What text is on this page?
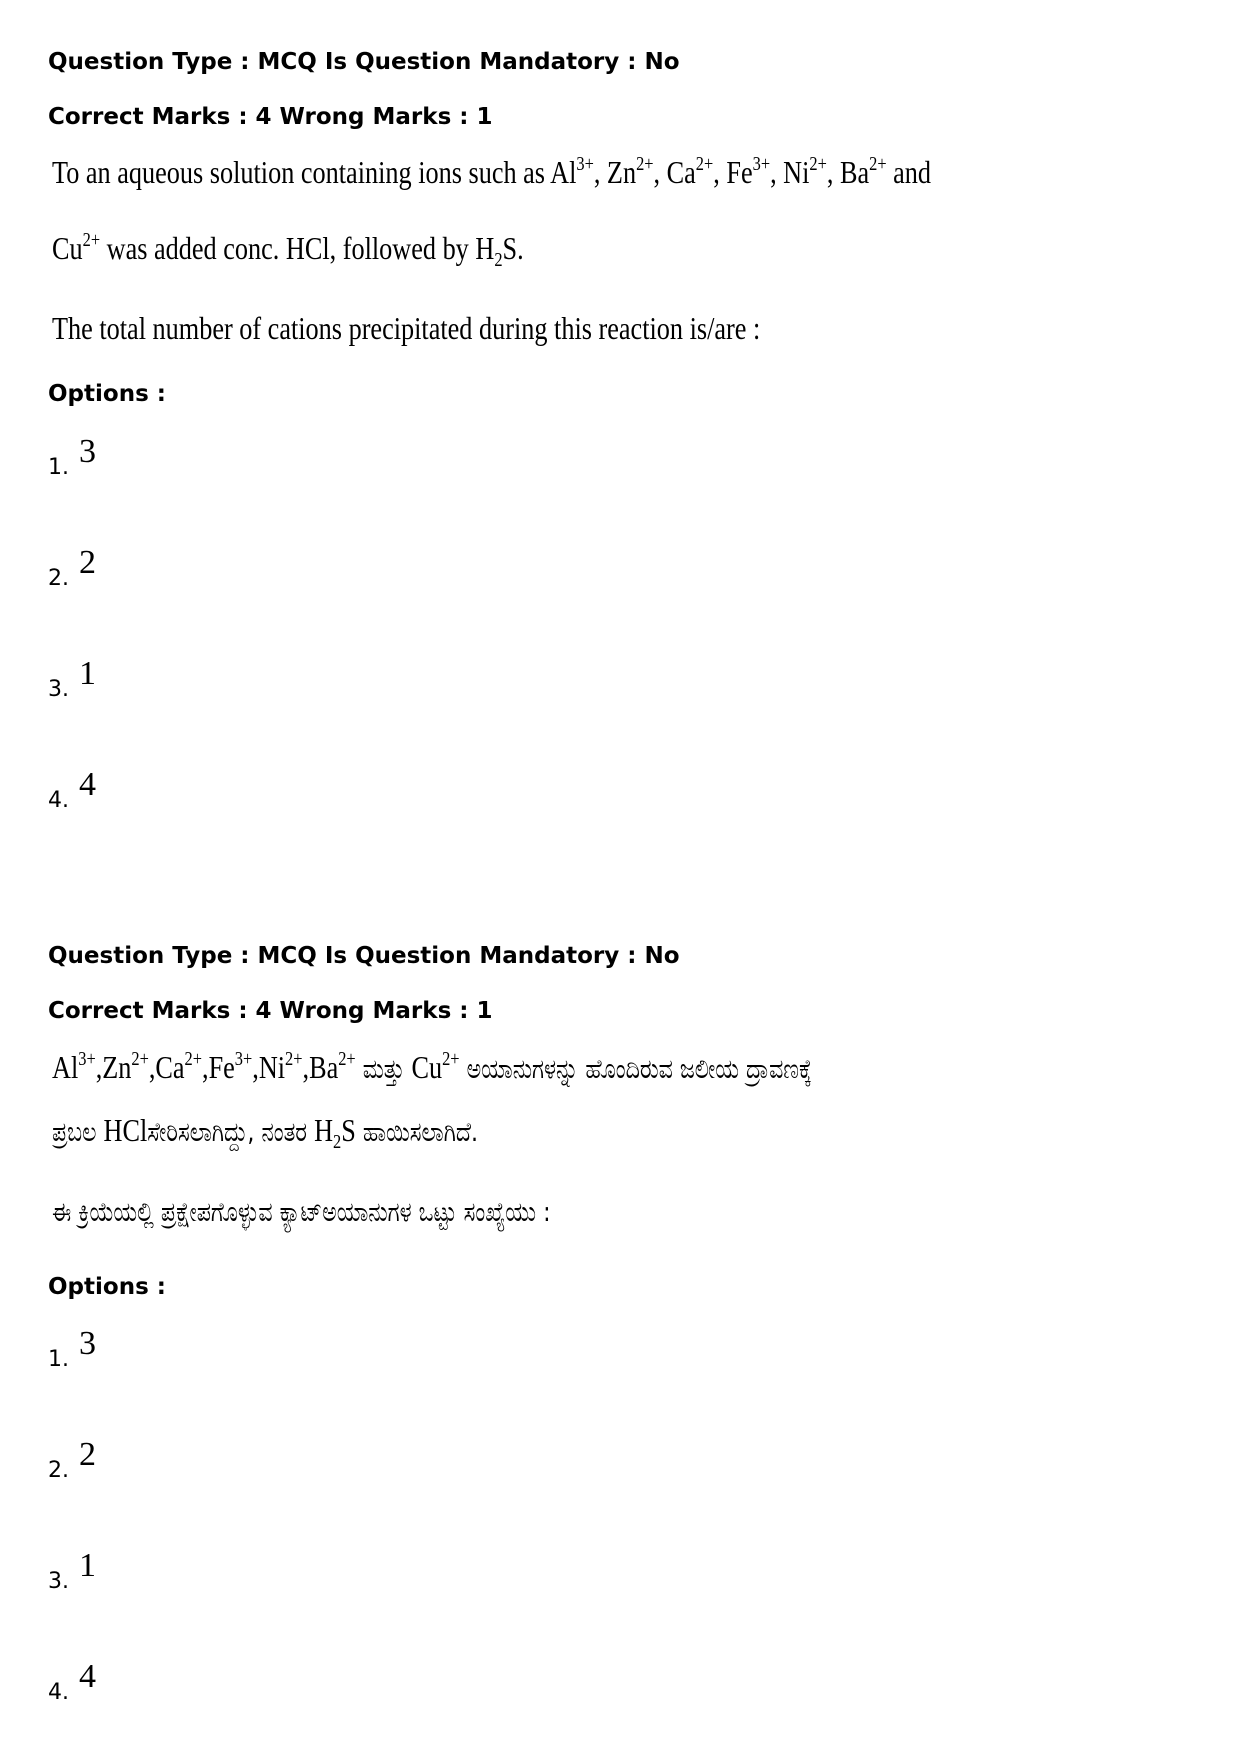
Question Type : MCQ Is Question Mandatory : No
Correct Marks : 4 Wrong Marks : 1
To an aqueous solution containing ions such as $Al^{3+}$, $Zn^{2+}$, $Ca^{2+}$, $Fe^{3+}$, $Ni^{2+}$, $Ba^{2+}$ and
$Cu^{2+}$ was added conc. HCl, followed by $H_2S$.
The total number of cations precipitated during this reaction is/are :
Options :
1. 3
2. 2
3. 1
4. 4
Question Type : MCQ Is Question Mandatory : No
Correct Marks : 4 Wrong Marks : 1
$Al^{3+},Zn^{2+},Ca^{2+},Fe^{3+},Ni^{2+},Ba^{2+}$ ಮತ್ತು $Cu^{2+}$ ಅಯಾನುಗಳನ್ನು ಹೊಂದಿರುವ ಜಲೀಯ ದ್ರಾವಣಕ್ಕೆ
ಪ್ರಬಲ HClಸೇರಿಸಲಾಗಿದ್ದು, ನಂತರ $H_2S$ ಹಾಯಿಸಲಾಗಿದೆ.
ಈ ಕ್ರಿಯೆಯಲ್ಲಿ ಪ್ರಕ್ಷೇಪಗೊಳ್ಳುವ ಕ್ಯಾಟ್‌ಅಯಾನುಗಳ ಒಟ್ಟು ಸಂಖ್ಯೆಯು :
Options :
1. 3
2. 2
3. 1
4. 4
